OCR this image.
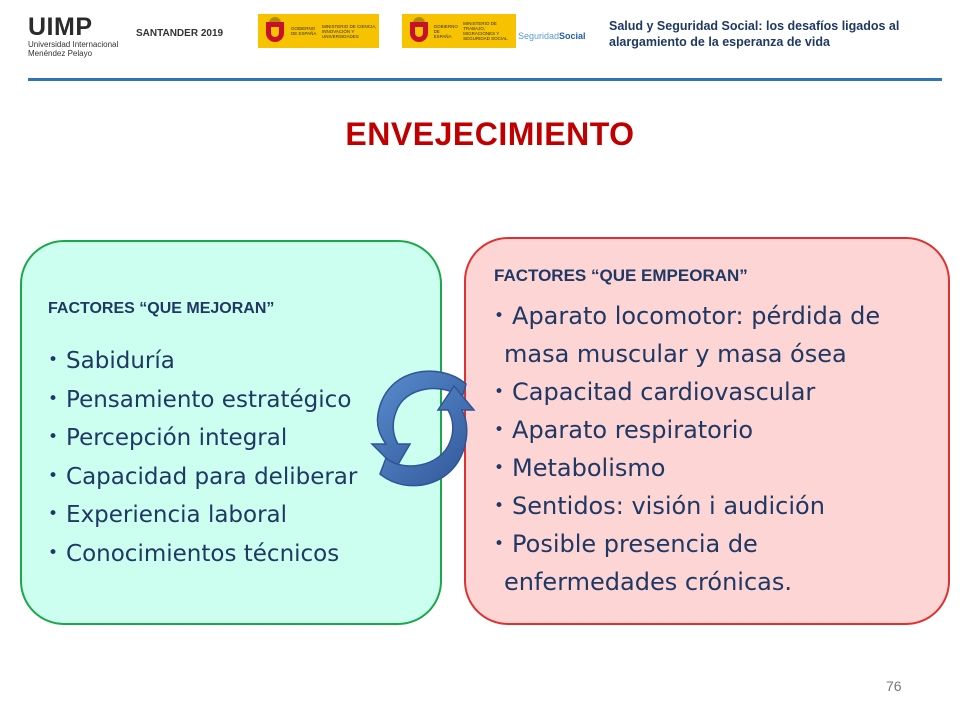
UIMP
Universidad Internacional
Menéndez Pelayo
SANTANDER 2019	GOBIERNO DE ESPAÑA
MINISTERIO DE CIENCIA, INNOVACIÓN Y UNIVERSIDADES
GOBIERNO DE ESPAÑA
MINISTERIO DE TRABAJO, MIGRACIONES Y SEGURIDAD SOCIAL	SeguridadSocial
Salud y Seguridad Social: los desafíos ligados al
alargamiento de la esperanza de vida
ENVEJECIMIENTO
FACTORES “QUE MEJORAN”
• Sabiduría
• Pensamiento estratégico
• Percepción integral
• Capacidad para deliberar
• Experiencia laboral
• Conocimientos técnicos
FACTORES “QUE EMPEORAN”
• Aparato locomotor: pérdida de
masa muscular y masa ósea
• Capacitad cardiovascular
• Aparato respiratorio
• Metabolismo
• Sentidos: visión i audición
• Posible presencia de
enfermedades crónicas.
76
